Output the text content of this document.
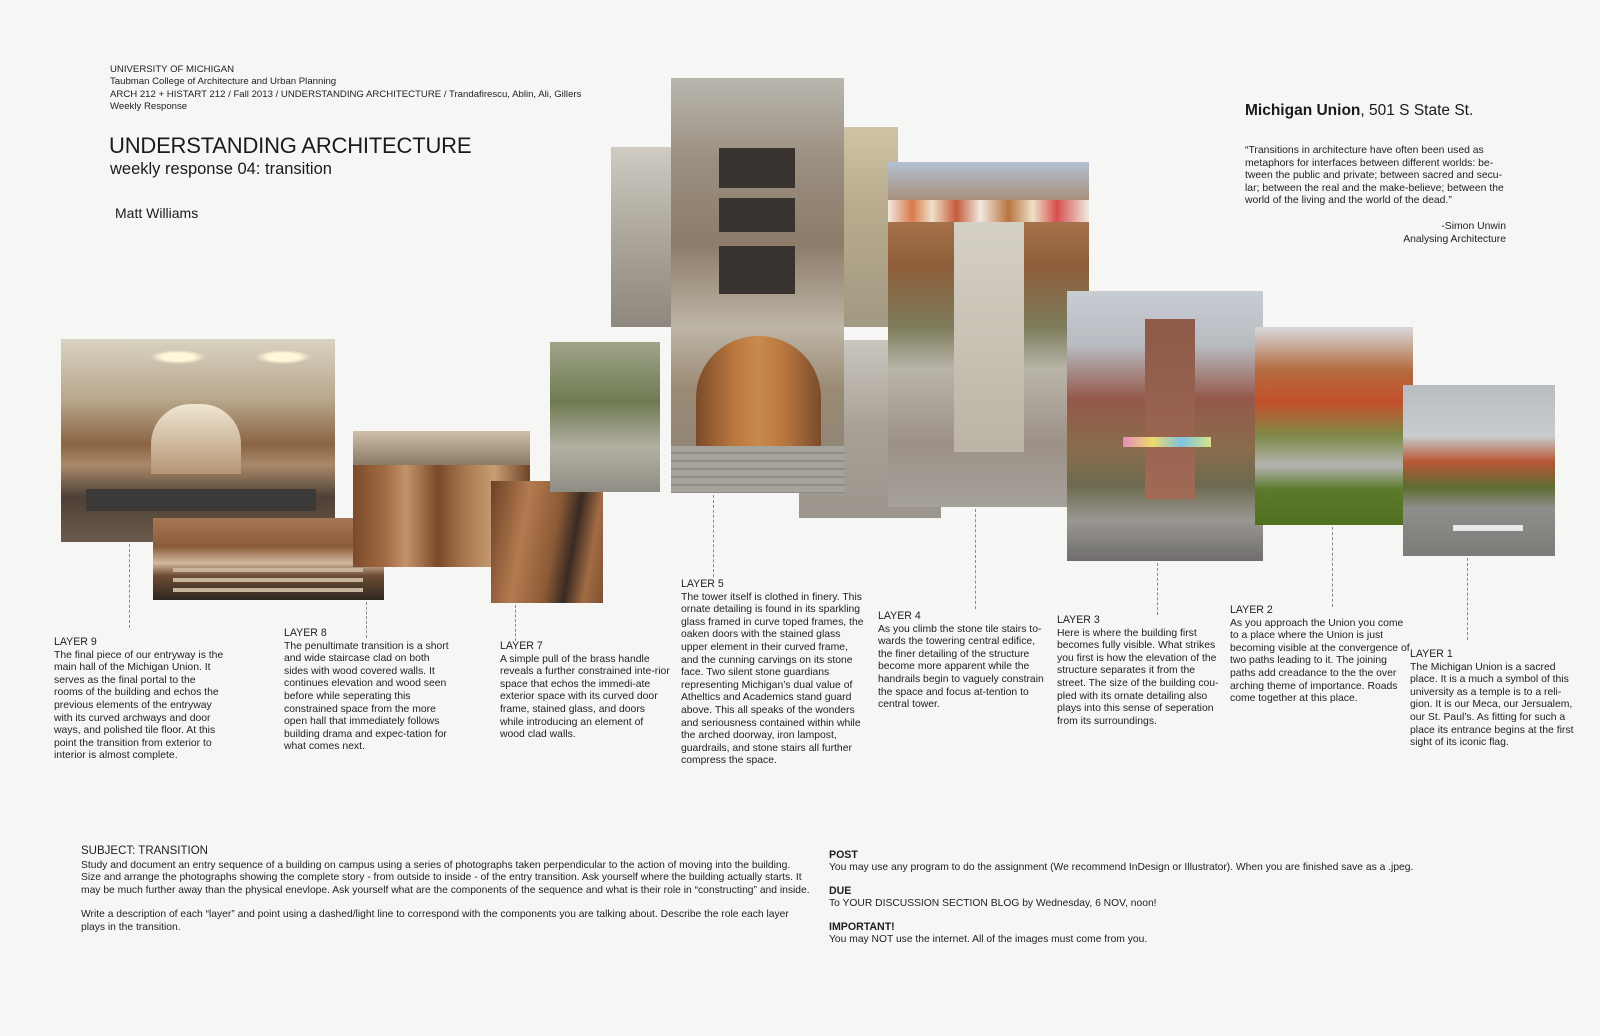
UNIVERSITY OF MICHIGAN
Taubman College of Architecture and Urban Planning
ARCH 212 + HISTART 212 / Fall 2013 / UNDERSTANDING ARCHITECTURE / Trandafirescu, Ablin, Ali, Gillers
Weekly Response
UNDERSTANDING ARCHITECTURE
weekly response 04: transition
Matt Williams
Michigan Union, 501 S State St.
“Transitions in architecture have often been used as metaphors for interfaces between different worlds: be-tween the public and private; between sacred and secu-lar; between the real and the make-believe; between the world of the living and the world of the dead.”
-Simon Unwin
Analysing Architecture
LAYER 9
The final piece of our entryway is the main hall of the Michigan Union. It serves as the final portal to the rooms of the building and echos the previous elements of the entryway with its curved archways and door ways, and polished tile floor. At this point the transition from exterior to interior is almost complete.
LAYER 8
The penultimate transition is a short and wide staircase clad on both sides with wood covered walls. It continues elevation and wood seen before while seperating this constrained space from the more open hall that immediately follows building drama and expec-tation for what comes next.
LAYER 7
A simple pull of the brass handle reveals a further constrained inte-rior space that echos the immedi-ate exterior space with its curved door frame, stained glass, and doors while introducing an element of wood clad walls.
LAYER 5
The tower itself is clothed in finery. This ornate detailing is found in its sparkling glass framed in curve toped frames, the oaken doors with the stained glass upper element in their curved frame, and the cunning carvings on its stone face. Two silent stone guardians representing Michigan’s dual value of Atheltics and Academics stand guard above. This all speaks of the wonders and seriousness contained within while the arched doorway, iron lampost, guardrails, and stone stairs all further compress the space.
LAYER 4
As you climb the stone tile stairs to-wards the towering central edifice, the finer detailing of the structure become more apparent while the handrails begin to vaguely constrain the space and focus at-tention to central tower.
LAYER 3
Here is where the building first becomes fully visible. What strikes you first is how the elevation of the structure separates it from the street. The size of the building cou-pled with its ornate detailing also plays into this sense of seperation from its surroundings.
LAYER 2
As you approach the Union you come to a place where the Union is just becoming visible at the convergence of two paths leading to it. The joining paths add creadance to the the over arching theme of importance. Roads come together at this place.
LAYER 1
The Michigan Union is a sacred place. It is a much a symbol of this university as a temple is to a reli-gion. It is our Meca, our Jersualem, our St. Paul’s. As fitting for such a place its entrance begins at the first sight of its iconic flag.
SUBJECT: TRANSITION

Study and document an entry sequence of a building on campus using a series of photographs taken perpendicular to the action of moving into the building. Size and arrange the photographs showing the complete story - from outside to inside - of the entry transition. Ask yourself where the building actually starts. It may be much further away than the physical enevlope. Ask yourself what are the components of the sequence and what is their role in “constructing” and inside.

Write a description of each “layer” and point using a dashed/light line to correspond with the components you are talking about. Describe the role each layer plays in the transition.

POST
You may use any program to do the assignment (We recommend InDesign or Illustrator). When you are finished save as a .jpeg.
DUE
To YOUR DISCUSSION SECTION BLOG by Wednesday, 6 NOV, noon!
IMPORTANT!
You may NOT use the internet. All of the images must come from you.
